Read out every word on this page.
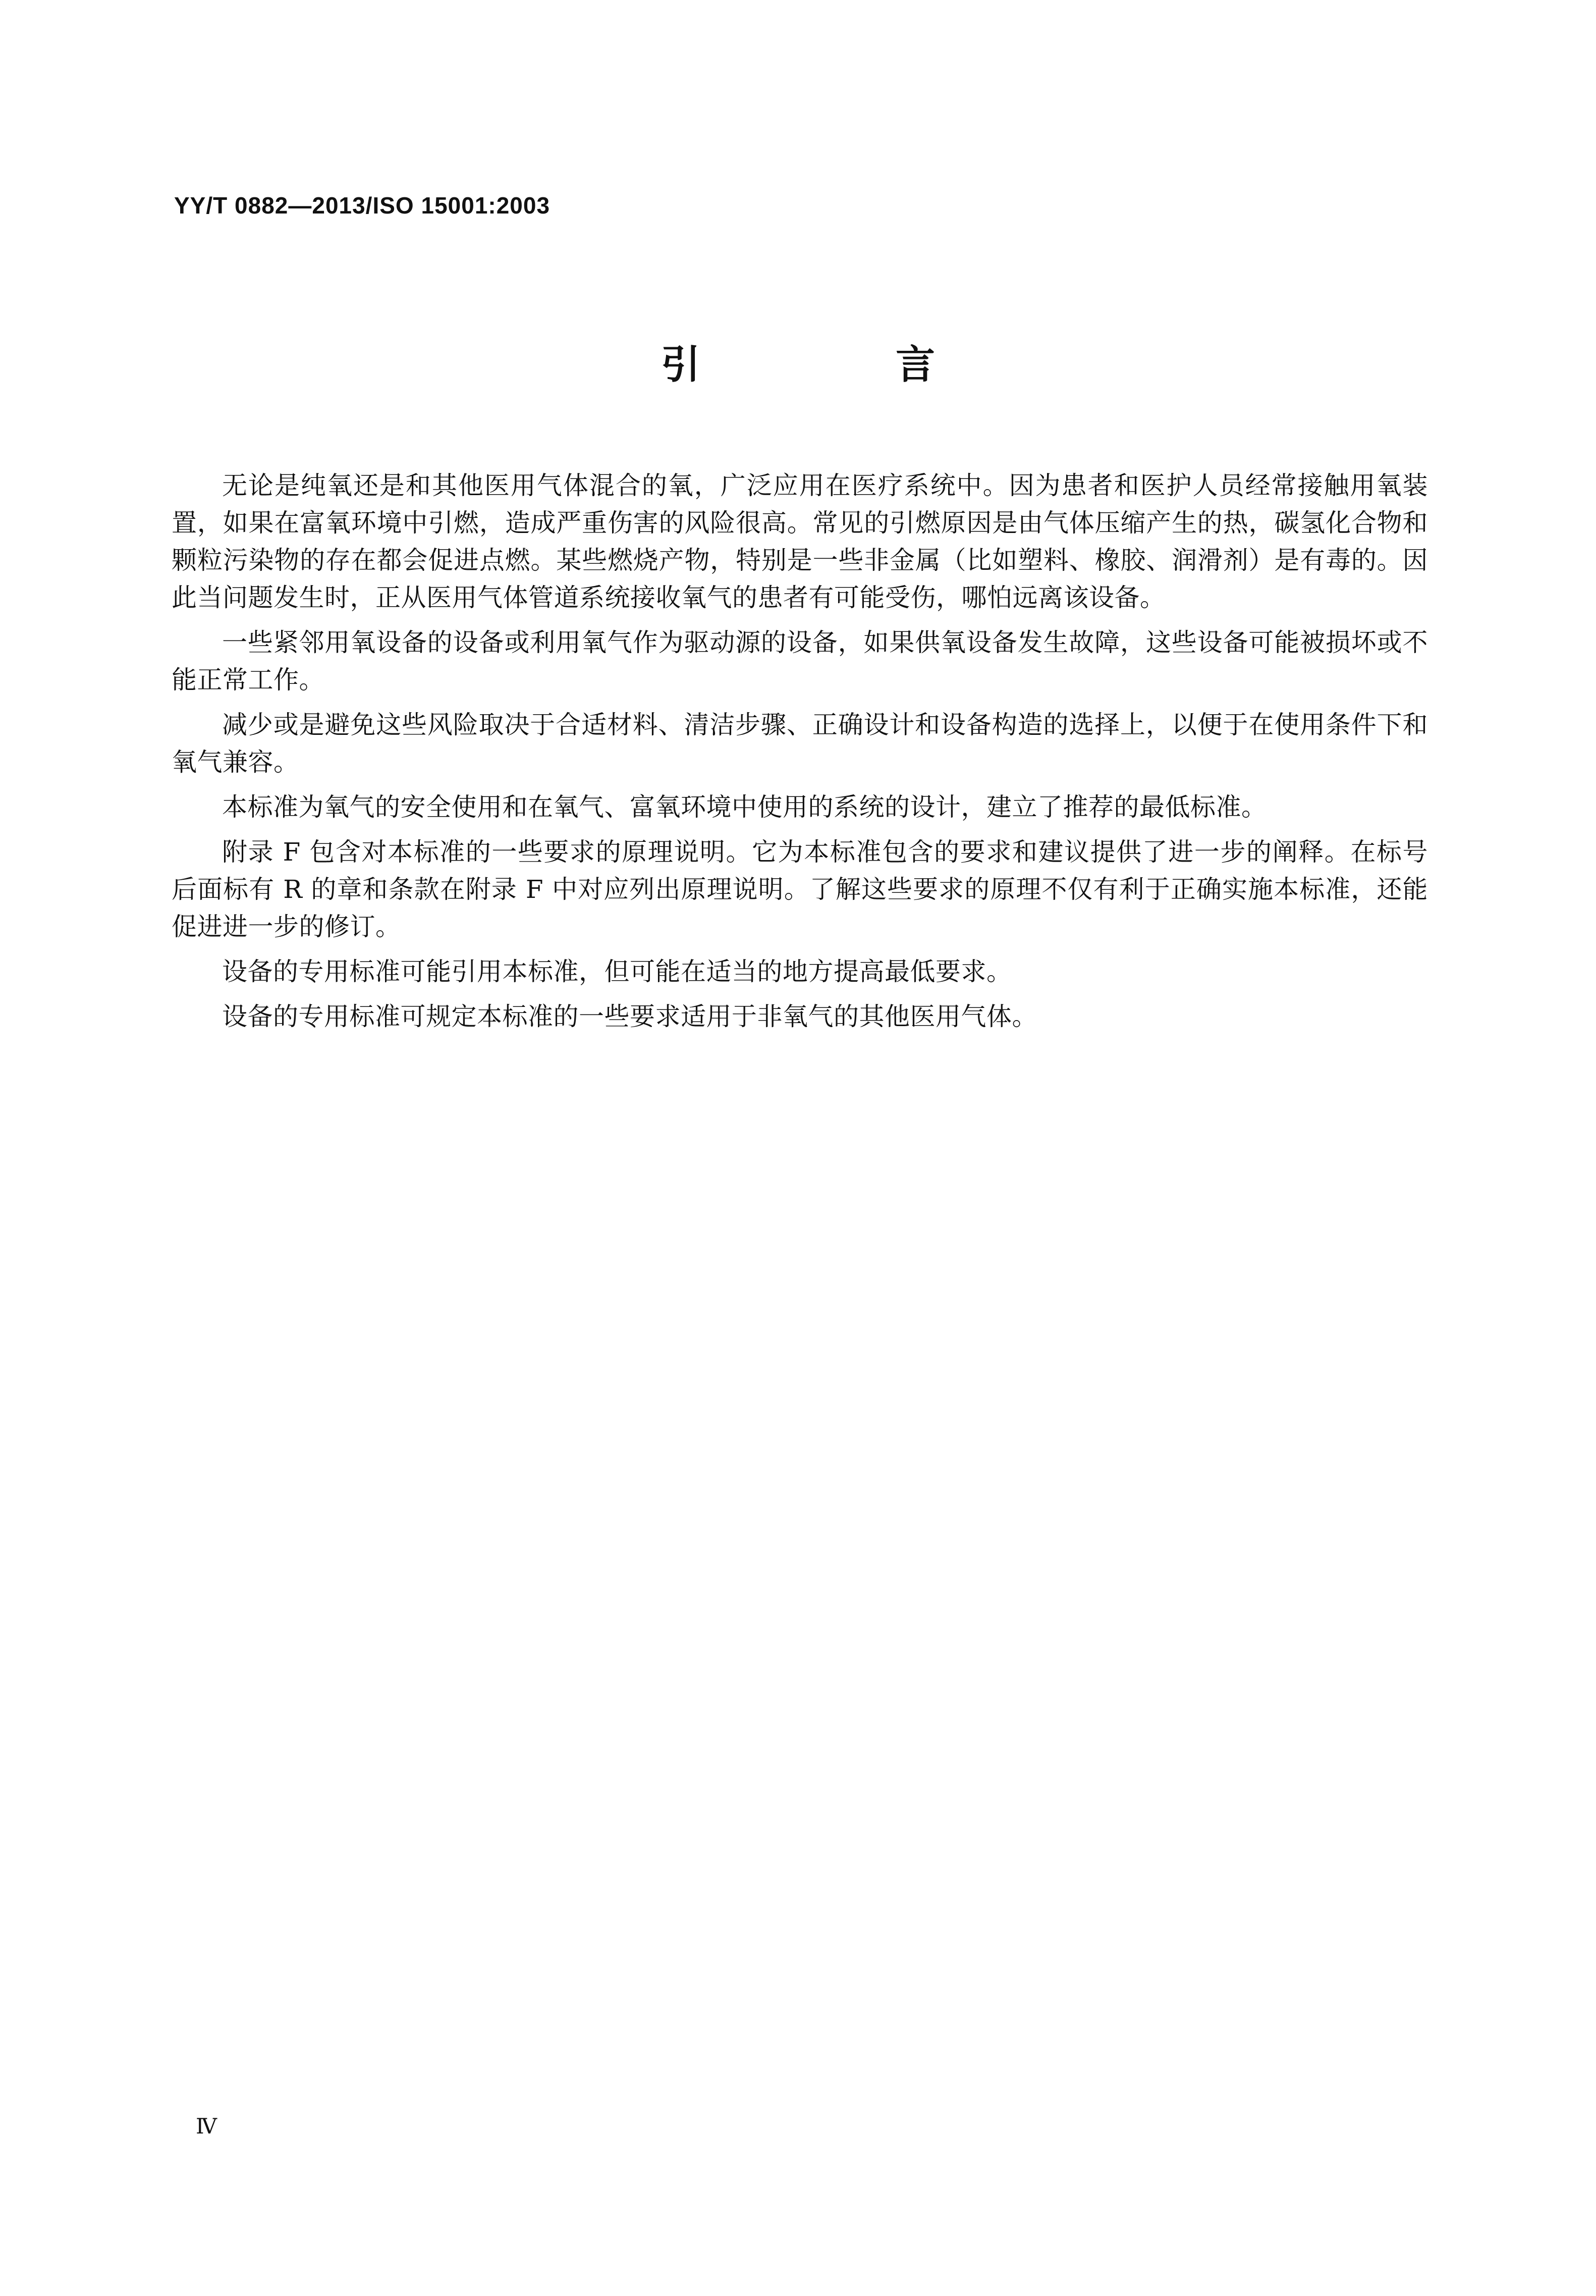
YY/T 0882—2013/ISO 15001:2003
引 言

无论是纯氧还是和其他医用气体混合的氧，广泛应用在医疗系统中。因为患者和医护人员经常接触用氧装置，如果在富氧环境中引燃，造成严重伤害的风险很高。常见的引燃原因是由气体压缩产生的热，碳氢化合物和颗粒污染物的存在都会促进点燃。某些燃烧产物，特别是一些非金属（比如塑料、橡胶、润滑剂）是有毒的。因此当问题发生时，正从医用气体管道系统接收氧气的患者有可能受伤，哪怕远离该设备。

一些紧邻用氧设备的设备或利用氧气作为驱动源的设备，如果供氧设备发生故障，这些设备可能被损坏或不能正常工作。

减少或是避免这些风险取决于合适材料、清洁步骤、正确设计和设备构造的选择上，以便于在使用条件下和氧气兼容。

本标准为氧气的安全使用和在氧气、富氧环境中使用的系统的设计，建立了推荐的最低标准。

附录 F 包含对本标准的一些要求的原理说明。它为本标准包含的要求和建议提供了进一步的阐释。在标号后面标有 R 的章和条款在附录 F 中对应列出原理说明。了解这些要求的原理不仅有利于正确实施本标准，还能促进进一步的修订。

设备的专用标准可能引用本标准，但可能在适当的地方提高最低要求。

设备的专用标准可规定本标准的一些要求适用于非氧气的其他医用气体。

Ⅳ
